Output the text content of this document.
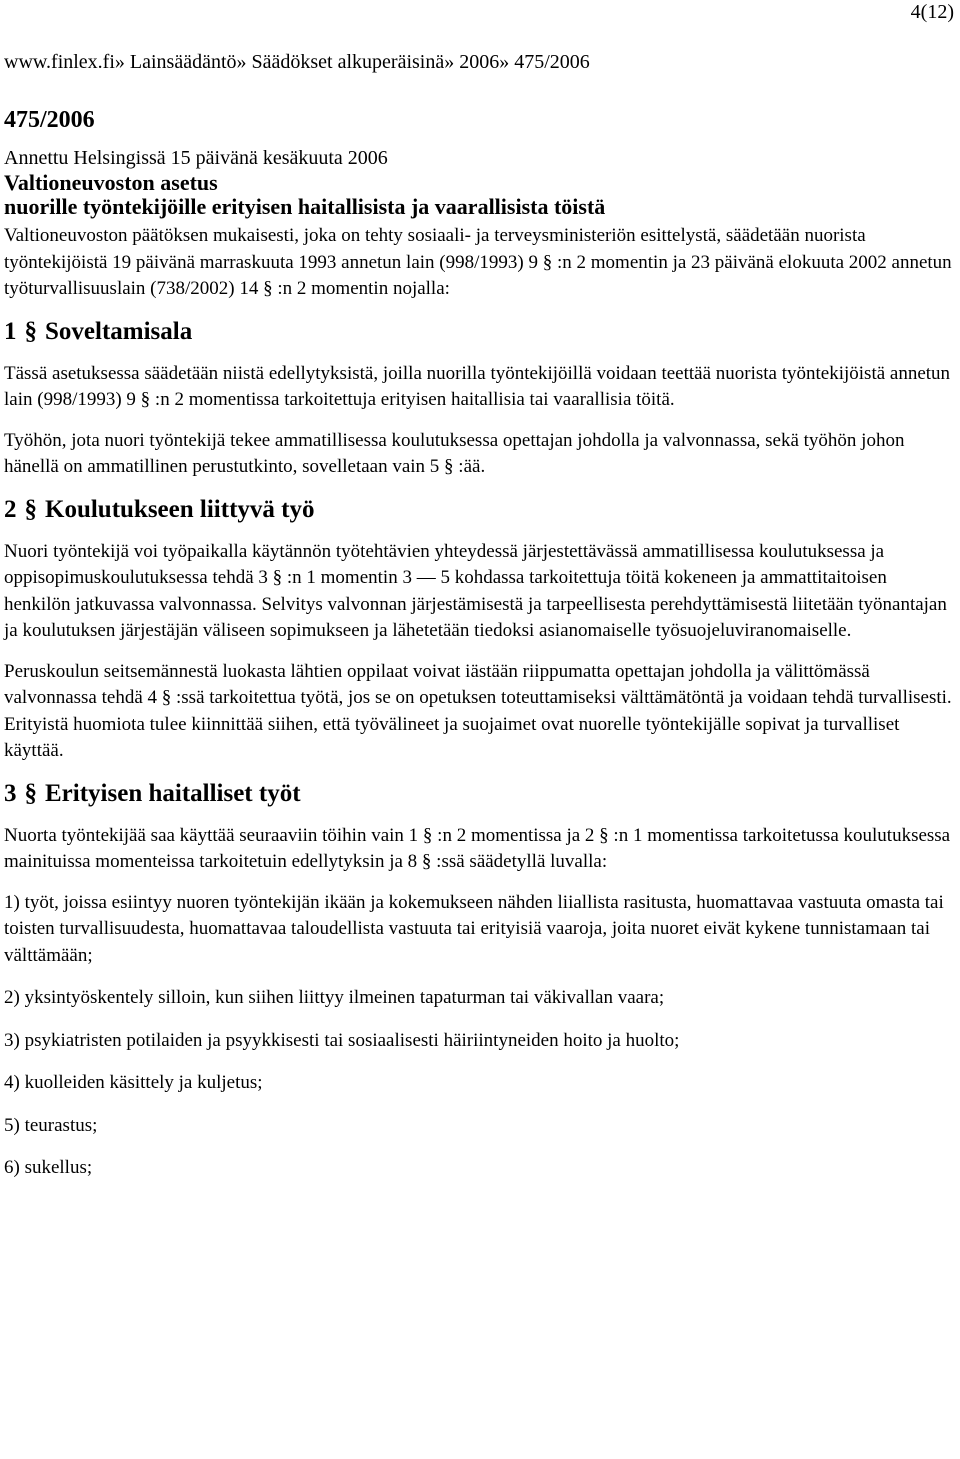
4(12)
www.finlex.fi» Lainsäädäntö» Säädökset alkuperäisinä» 2006» 475/2006
475/2006
Annettu Helsingissä 15 päivänä kesäkuuta 2006
Valtioneuvoston asetus
nuorille työntekijöille erityisen haitallisista ja vaarallisista töistä

Valtioneuvoston päätöksen mukaisesti, joka on tehty sosiaali- ja terveysministeriön esittelystä, säädetään nuorista työntekijöistä 19 päivänä marraskuuta 1993 annetun lain (998/1993) 9 § :n 2 momentin ja 23 päivänä elokuuta 2002 annetun työturvallisuuslain (738/2002) 14 § :n 2 momentin nojalla:

1 § Soveltamisala

Tässä asetuksessa säädetään niistä edellytyksistä, joilla nuorilla työntekijöillä voidaan teettää nuorista työntekijöistä annetun lain (998/1993) 9 § :n 2 momentissa tarkoitettuja erityisen haitallisia tai vaarallisia töitä.

Työhön, jota nuori työntekijä tekee ammatillisessa koulutuksessa opettajan johdolla ja valvonnassa, sekä työhön johon hänellä on ammatillinen perustutkinto, sovelletaan vain 5 § :ää.

2 § Koulutukseen liittyvä työ

Nuori työntekijä voi työpaikalla käytännön työtehtävien yhteydessä järjestettävässä ammatillisessa koulutuksessa ja oppisopimuskoulutuksessa tehdä 3 § :n 1 momentin 3 — 5 kohdassa tarkoitettuja töitä kokeneen ja ammattitaitoisen henkilön jatkuvassa valvonnassa. Selvitys valvonnan järjestämisestä ja tarpeellisesta perehdyttämisestä liitetään työnantajan ja koulutuksen järjestäjän väliseen sopimukseen ja lähetetään tiedoksi asianomaiselle työsuojeluviranomaiselle.

Peruskoulun seitsemännestä luokasta lähtien oppilaat voivat iästään riippumatta opettajan johdolla ja välittömässä valvonnassa tehdä 4 § :ssä tarkoitettua työtä, jos se on opetuksen toteuttamiseksi välttämätöntä ja voidaan tehdä turvallisesti. Erityistä huomiota tulee kiinnittää siihen, että työvälineet ja suojaimet ovat nuorelle työntekijälle sopivat ja turvalliset käyttää.

3 § Erityisen haitalliset työt

Nuorta työntekijää saa käyttää seuraaviin töihin vain 1 § :n 2 momentissa ja 2 § :n 1 momentissa tarkoitetussa koulutuksessa mainituissa momenteissa tarkoitetuin edellytyksin ja 8 § :ssä säädetyllä luvalla:

1) työt, joissa esiintyy nuoren työntekijän ikään ja kokemukseen nähden liiallista rasitusta, huomattavaa vastuuta omasta tai toisten turvallisuudesta, huomattavaa taloudellista vastuuta tai erityisiä vaaroja, joita nuoret eivät kykene tunnistamaan tai välttämään;

2) yksintyöskentely silloin, kun siihen liittyy ilmeinen tapaturman tai väkivallan vaara;

3) psykiatristen potilaiden ja psyykkisesti tai sosiaalisesti häiriintyneiden hoito ja huolto;

4) kuolleiden käsittely ja kuljetus;

5) teurastus;

6) sukellus;
